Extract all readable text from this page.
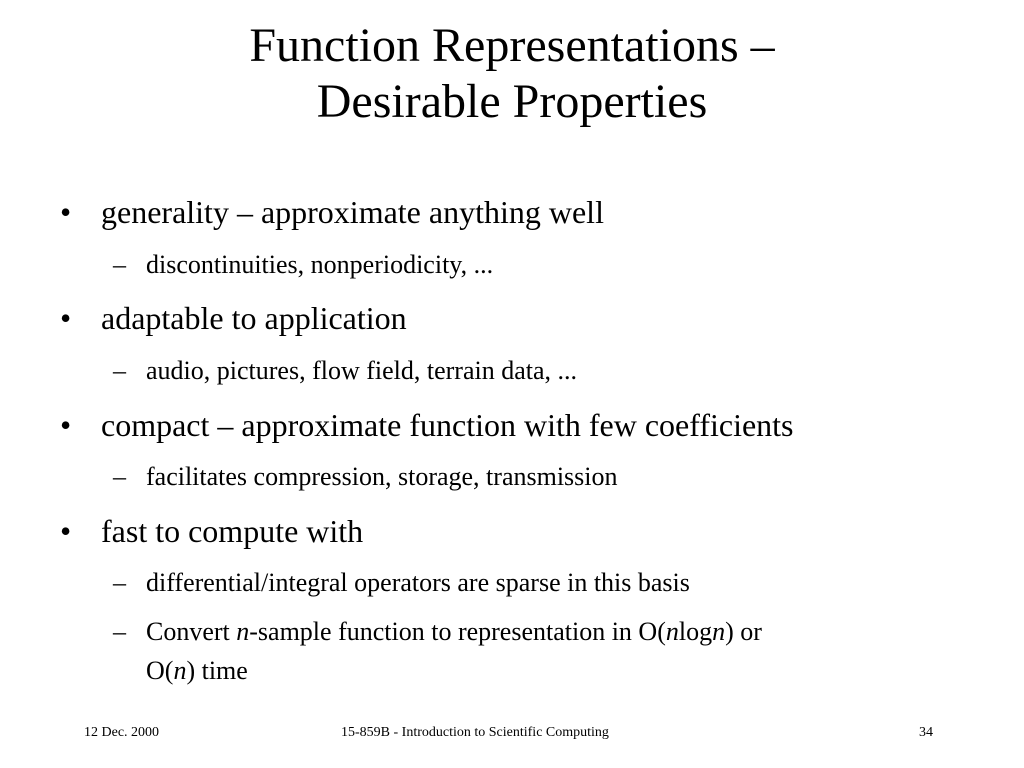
Function Representations –
Desirable Properties
• generality – approximate anything well
– discontinuities, nonperiodicity, ...
• adaptable to application
– audio, pictures, flow field, terrain data, ...
• compact – approximate function with few coefficients
– facilitates compression, storage, transmission
• fast to compute with
– differential/integral operators are sparse in this basis
– Convert n-sample function to representation in O(nlogn) or
O(n) time
12 Dec. 2000	15-859B - Introduction to Scientific Computing	34
